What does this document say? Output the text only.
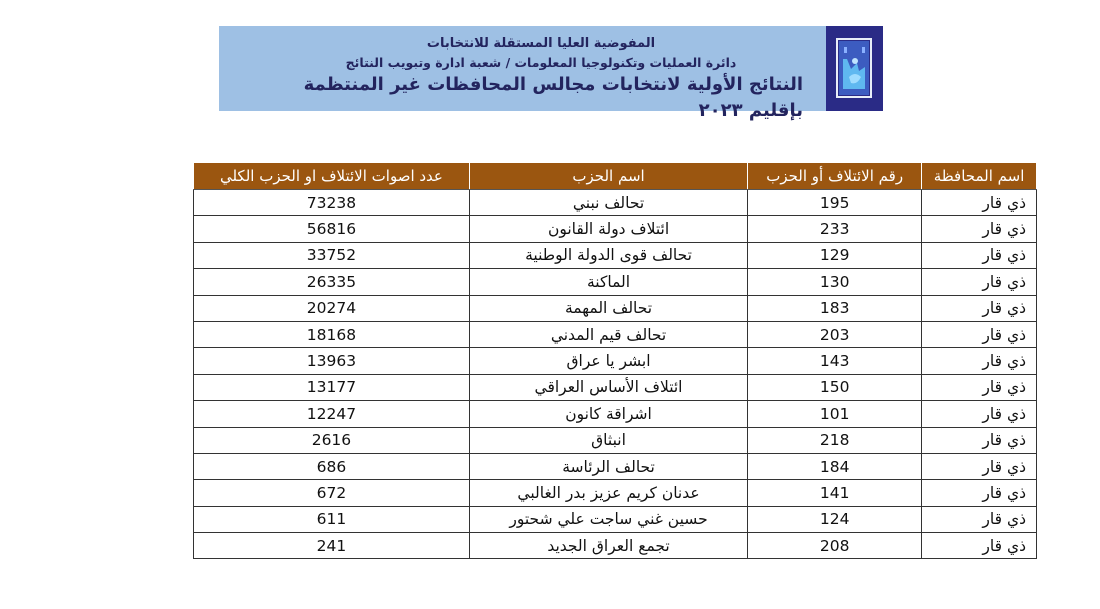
المفوضية العليا المستقلة للانتخابات
دائرة العمليات وتكنولوجيا المعلومات / شعبة ادارة وتبويب النتائج
النتائج الأولية لانتخابات مجالس المحافظات غير المنتظمة بإقليم ٢٠٢٣
اسم المحافظة	رقم الائتلاف أو الحزب	اسم الحزب	عدد اصوات الائتلاف او الحزب الكلي
ذي قار	195	تحالف نبني	73238
ذي قار	233	ائتلاف دولة القانون	56816
ذي قار	129	تحالف قوى الدولة الوطنية	33752
ذي قار	130	الماكنة	26335
ذي قار	183	تحالف المهمة	20274
ذي قار	203	تحالف قيم المدني	18168
ذي قار	143	ابشر يا عراق	13963
ذي قار	150	ائتلاف الأساس العراقي	13177
ذي قار	101	اشراقة كانون	12247
ذي قار	218	انبثاق	2616
ذي قار	184	تحالف الرئاسة	686
ذي قار	141	عدنان كريم عزيز بدر الغالبي	672
ذي قار	124	حسين غني ساجت علي شحتور	611
ذي قار	208	تجمع العراق الجديد	241
